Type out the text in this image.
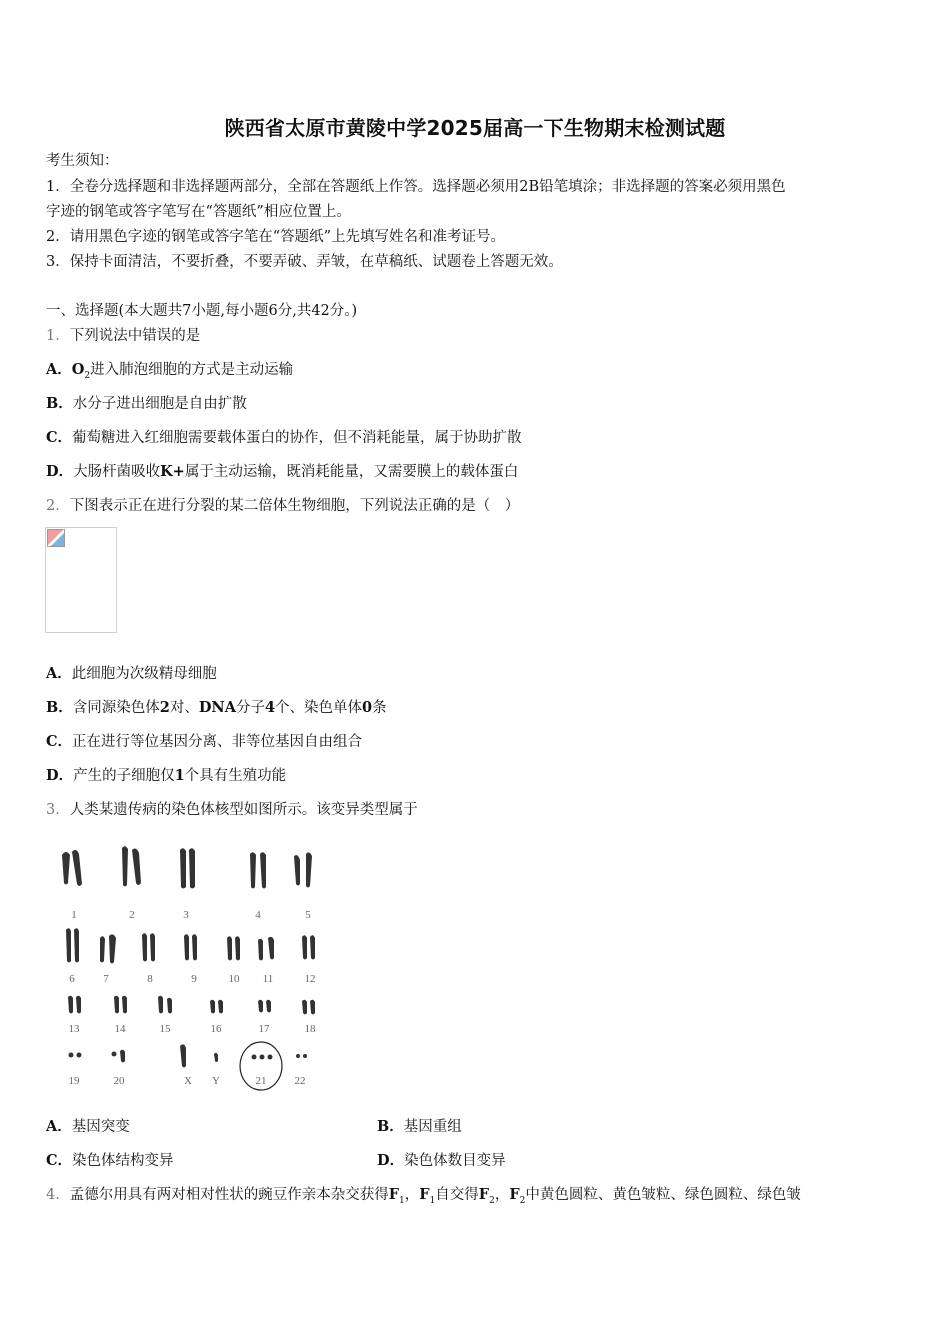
陕西省太原市黄陵中学2025届高一下生物期末检测试题
考生须知：
1．全卷分选择题和非选择题两部分，全部在答题纸上作答。选择题必须用2B铅笔填涂；非选择题的答案必须用黑色
字迹的钢笔或答字笔写在“答题纸”相应位置上。
2．请用黑色字迹的钢笔或答字笔在“答题纸”上先填写姓名和准考证号。
3．保持卡面清洁，不要折叠，不要弄破、弄皱，在草稿纸、试题卷上答题无效。
一、选择题(本大题共7小题,每小题6分,共42分。)
1．下列说法中错误的是
A．$O_2$进入肺泡细胞的方式是主动运输
B．水分子进出细胞是自由扩散
C．葡萄糖进入红细胞需要载体蛋白的协作，但不消耗能量，属于协助扩散
D．大肠杆菌吸收K+属于主动运输，既消耗能量，又需要膜上的载体蛋白
2．下图表示正在进行分裂的某二倍体生物细胞，下列说法正确的是（　）
A．此细胞为次级精母细胞
B．含同源染色体2对、DNA分子4个、染色单体0条
C．正在进行等位基因分离、非等位基因自由组合
D．产生的子细胞仅1个具有生殖功能
3．人类某遗传病的染色体核型如图所示。该变异类型属于
1	2	3	4	5
6	7	8	9	10 11	12
13	14	15	16	17	18
19	20	X Y	21	22
A．基因突变	B．基因重组
C．染色体结构变异	D．染色体数目变异
4．孟德尔用具有两对相对性状的豌豆作亲本杂交获得$F_1$，$F_1$自交得$F_2$，$F_2$中黄色圆粒、黄色皱粒、绿色圆粒、绿色皱
